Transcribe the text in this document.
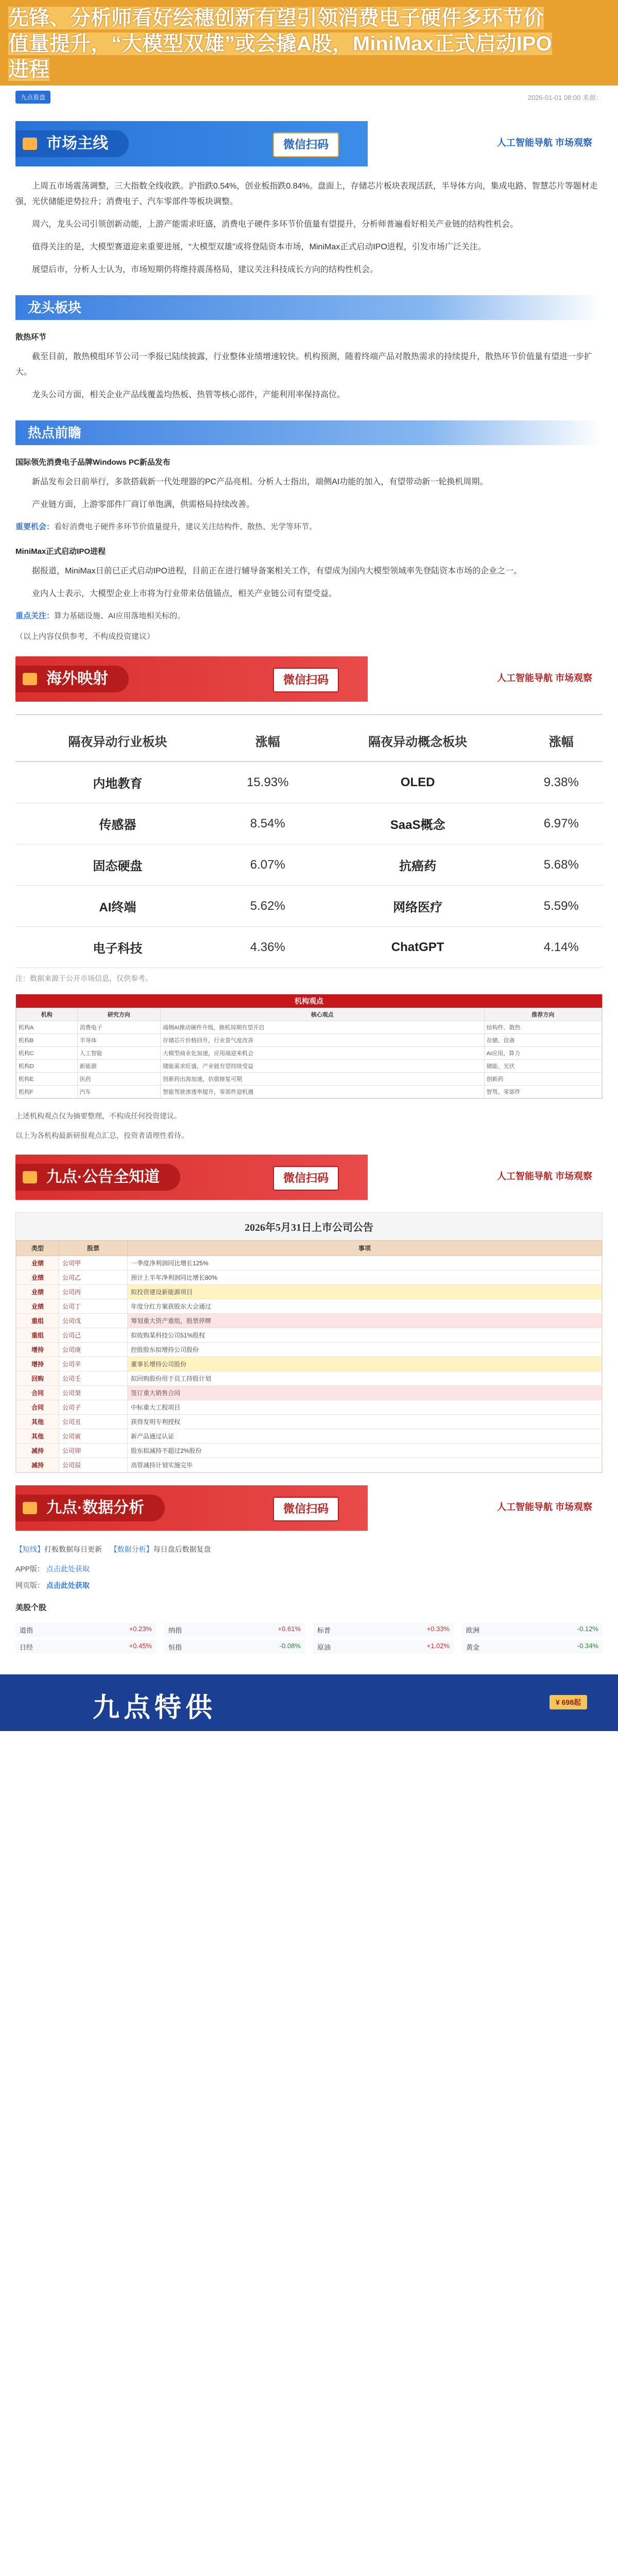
先锋、分析师看好绘穗创新有望引领消费电子硬件多环节价
值量提升，“大模型双雄”或会撬A股，MiniMax正式启动IPO
进程
九点看盘	2026-01-01 08:00 来源：
市场主线	微信扫码	人工智能导航 市场观察

上周五市场震荡调整，三大指数全线收跌。沪指跌0.54%，创业板指跌0.84%。盘面上，存储芯片板块表现活跃，半导体方向，集成电路、智慧芯片等题材走强，光伏储能逆势拉升；消费电子、汽车零部件等板块调整。

周六，龙头公司引领创新动能，上游产能需求旺盛，消费电子硬件多环节价值量有望提升，分析师普遍看好相关产业链的结构性机会。

值得关注的是，大模型赛道迎来重要进展，“大模型双雄”或将登陆资本市场，MiniMax正式启动IPO进程，引发市场广泛关注。

展望后市，分析人士认为，市场短期仍将维持震荡格局，建议关注科技成长方向的结构性机会。

龙头板块
散热环节

截至目前，散热模组环节公司一季报已陆续披露，行业整体业绩增速较快。机构预测，随着终端产品对散热需求的持续提升，散热环节价值量有望进一步扩大。

龙头公司方面，相关企业产品线覆盖均热板、热管等核心部件，产能利用率保持高位。

热点前瞻
国际领先消费电子品牌Windows PC新品发布

新品发布会日前举行，多款搭载新一代处理器的PC产品亮相。分析人士指出，端侧AI功能的加入，有望带动新一轮换机周期。

产业链方面，上游零部件厂商订单饱满，供需格局持续改善。

重要机会：看好消费电子硬件多环节价值量提升，建议关注结构件、散热、光学等环节。

MiniMax正式启动IPO进程

据报道，MiniMax日前已正式启动IPO进程，目前正在进行辅导备案相关工作，有望成为国内大模型领域率先登陆资本市场的企业之一。

业内人士表示，大模型企业上市将为行业带来估值锚点，相关产业链公司有望受益。

重点关注：算力基础设施、AI应用落地相关标的。

（以上内容仅供参考，不构成投资建议）

海外映射	微信扫码	人工智能导航 市场观察
隔夜异动行业板块	涨幅	隔夜异动概念板块	涨幅
内地教育	15.93%	OLED	9.38%
传感器	8.54%	SaaS概念	6.97%
固态硬盘	6.07%	抗癌药	5.68%
AI终端	5.62%	网络医疗	5.59%
电子科技	4.36%	ChatGPT	4.14%

注：数据来源于公开市场信息，仅供参考。

机构观点
机构	研究方向	核心观点	推荐方向
机构A	消费电子	端侧AI推动硬件升级，换机周期有望开启	结构件、散热
机构B	半导体	存储芯片价格回升，行业景气度改善	存储、设备
机构C	人工智能	大模型商业化加速，应用端迎来机会	AI应用、算力
机构D	新能源	储能需求旺盛，产业链有望持续受益	储能、光伏
机构E	医药	创新药出海加速，估值修复可期	创新药
机构F	汽车	智能驾驶渗透率提升，零部件迎机遇	智驾、零部件

上述机构观点仅为摘要整理，不构成任何投资建议。

以上为各机构最新研报观点汇总，投资者请理性看待。

九点·公告全知道	微信扫码	人工智能导航 市场观察
2026年5月31日上市公司公告
类型	股票	事项
业绩	公司甲	一季度净利润同比增长125%
业绩	公司乙	预计上半年净利润同比增长80%
业绩	公司丙	拟投资建设新能源项目
业绩	公司丁	年度分红方案获股东大会通过
重组	公司戊	筹划重大资产重组，股票停牌
重组	公司己	拟收购某科技公司51%股权
增持	公司庚	控股股东拟增持公司股份
增持	公司辛	董事长增持公司股份
回购	公司壬	拟回购股份用于员工持股计划
合同	公司癸	签订重大销售合同
合同	公司子	中标重大工程项目
其他	公司丑	获得发明专利授权
其他	公司寅	新产品通过认证
减持	公司卯	股东拟减持不超过2%股份
减持	公司辰	高管减持计划实施完毕
九点·数据分析	微信扫码	人工智能导航 市场观察

【短线】打板数据每日更新 【数据分析】每日盘后数据复盘

APP版： 点击此处获取

网页版： 点击此处获取

美股个股
道指	+0.23% 纳指	+0.61% 标普	+0.33% 欧洲	-0.12%
日经	+0.45% 恒指	-0.08% 原油	+1.02% 黄金	-0.34%
九点特供	¥ 698起
